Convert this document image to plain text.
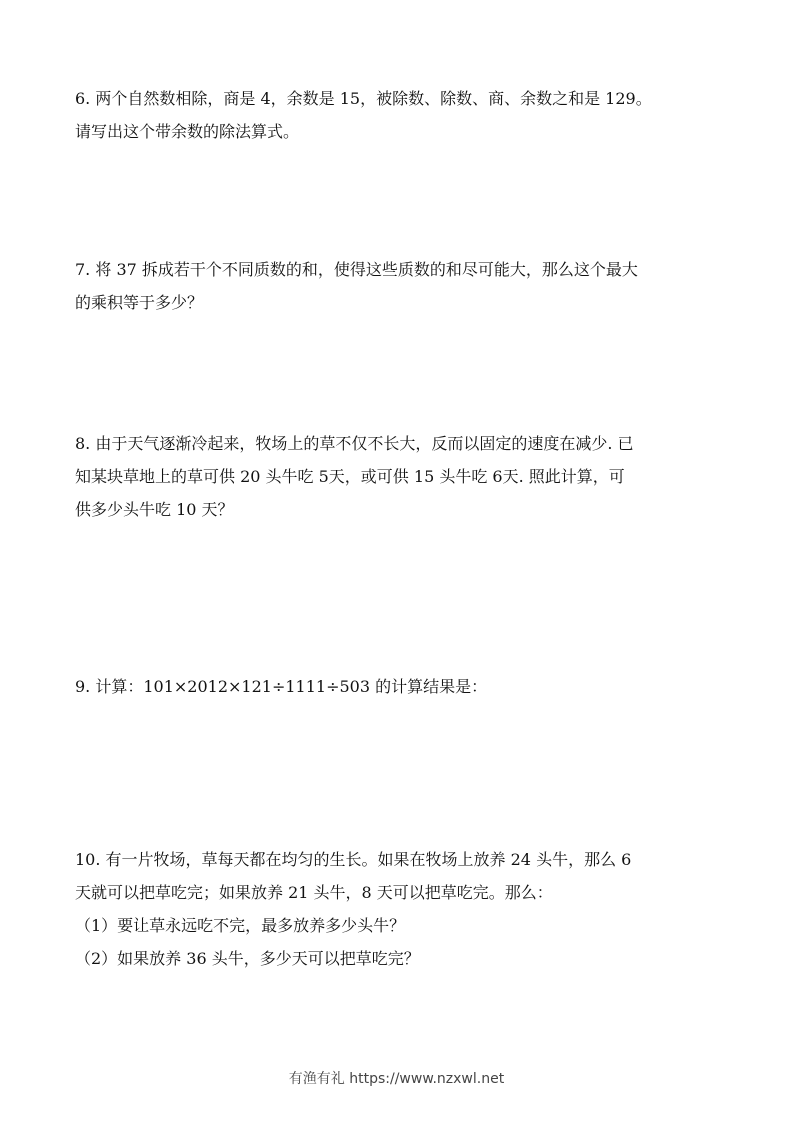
6. 两个自然数相除，商是 4，余数是 15，被除数、除数、商、余数之和是 129。

请写出这个带余数的除法算式。

7. 将 37 拆成若干个不同质数的和，使得这些质数的和尽可能大，那么这个最大

的乘积等于多少？

8. 由于天气逐渐冷起来，牧场上的草不仅不长大，反而以固定的速度在减少. 已

知某块草地上的草可供 20 头牛吃 5天，或可供 15 头牛吃 6天. 照此计算，可

供多少头牛吃 10 天？

9. 计算：101×2012×121÷1111÷503 的计算结果是：

10. 有一片牧场，草每天都在均匀的生长。如果在牧场上放养 24 头牛，那么 6

天就可以把草吃完；如果放养 21 头牛，8 天可以把草吃完。那么：

（1）要让草永远吃不完，最多放养多少头牛？

（2）如果放养 36 头牛，多少天可以把草吃完？

有渔有礼 https://www.nzxwl.net
